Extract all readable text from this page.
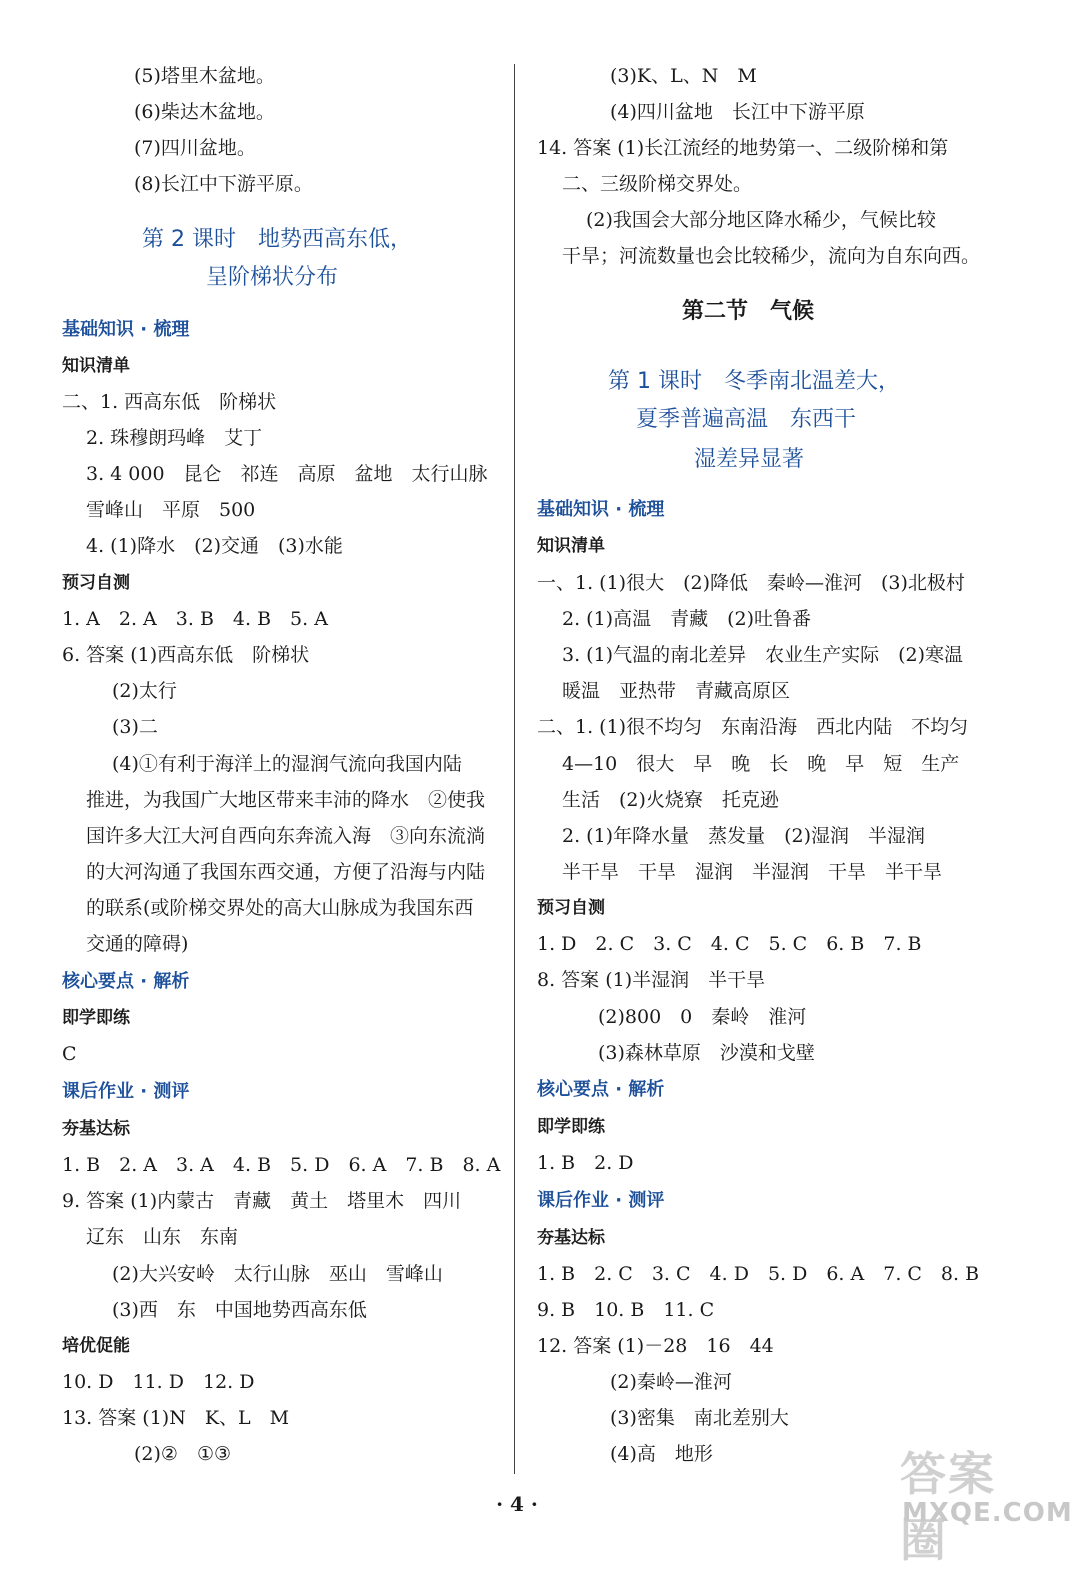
(5)塔里木盆地。
(6)柴达木盆地。
(7)四川盆地。
(8)长江中下游平原。
第 2 课时　地势西高东低，
呈阶梯状分布
基础知识 · 梳理
知识清单
二、1. 西高东低　阶梯状
2. 珠穆朗玛峰　艾丁
3. 4 000　昆仑　祁连　高原　盆地　太行山脉
雪峰山　平原　500
4. (1)降水　(2)交通　(3)水能
预习自测
1. A　2. A　3. B　4. B　5. A
6. 答案 (1)西高东低　阶梯状
(2)太行
(3)二
(4)①有利于海洋上的湿润气流向我国内陆
推进，为我国广大地区带来丰沛的降水　②使我
国许多大江大河自西向东奔流入海　③向东流淌
的大河沟通了我国东西交通，方便了沿海与内陆
的联系(或阶梯交界处的高大山脉成为我国东西
交通的障碍)
核心要点 · 解析
即学即练
C
课后作业 · 测评
夯基达标
1. B　2. A　3. A　4. B　5. D　6. A　7. B　8. A
9. 答案 (1)内蒙古　青藏　黄土　塔里木　四川
辽东　山东　东南
(2)大兴安岭　太行山脉　巫山　雪峰山
(3)西　东　中国地势西高东低
培优促能
10. D　11. D　12. D
13. 答案 (1)N　K、L　M
(2)②　①③
(3)K、L、N　M
(4)四川盆地　长江中下游平原
14. 答案 (1)长江流经的地势第一、二级阶梯和第
二、三级阶梯交界处。
(2)我国会大部分地区降水稀少，气候比较
干旱；河流数量也会比较稀少，流向为自东向西。
第二节　气候
第 1 课时　冬季南北温差大，
夏季普遍高温　东西干
湿差异显著
基础知识 · 梳理
知识清单
一、1. (1)很大　(2)降低　秦岭—淮河　(3)北极村
2. (1)高温　青藏　(2)吐鲁番
3. (1)气温的南北差异　农业生产实际　(2)寒温
暖温　亚热带　青藏高原区
二、1. (1)很不均匀　东南沿海　西北内陆　不均匀
4—10　很大　早　晚　长　晚　早　短　生产
生活　(2)火烧寮　托克逊
2. (1)年降水量　蒸发量　(2)湿润　半湿润
半干旱　干旱　湿润　半湿润　干旱　半干旱
预习自测
1. D　2. C　3. C　4. C　5. C　6. B　7. B
8. 答案 (1)半湿润　半干旱
(2)800　0　秦岭　淮河
(3)森林草原　沙漠和戈壁
核心要点 · 解析
即学即练
1. B　2. D
课后作业 · 测评
夯基达标
1. B　2. C　3. C　4. D　5. D　6. A　7. C　8. B
9. B　10. B　11. C
12. 答案 (1)－28　16　44
(2)秦岭—淮河
(3)密集　南北差别大
(4)高　地形
· 4 ·
答案圈
MXQE.COM
